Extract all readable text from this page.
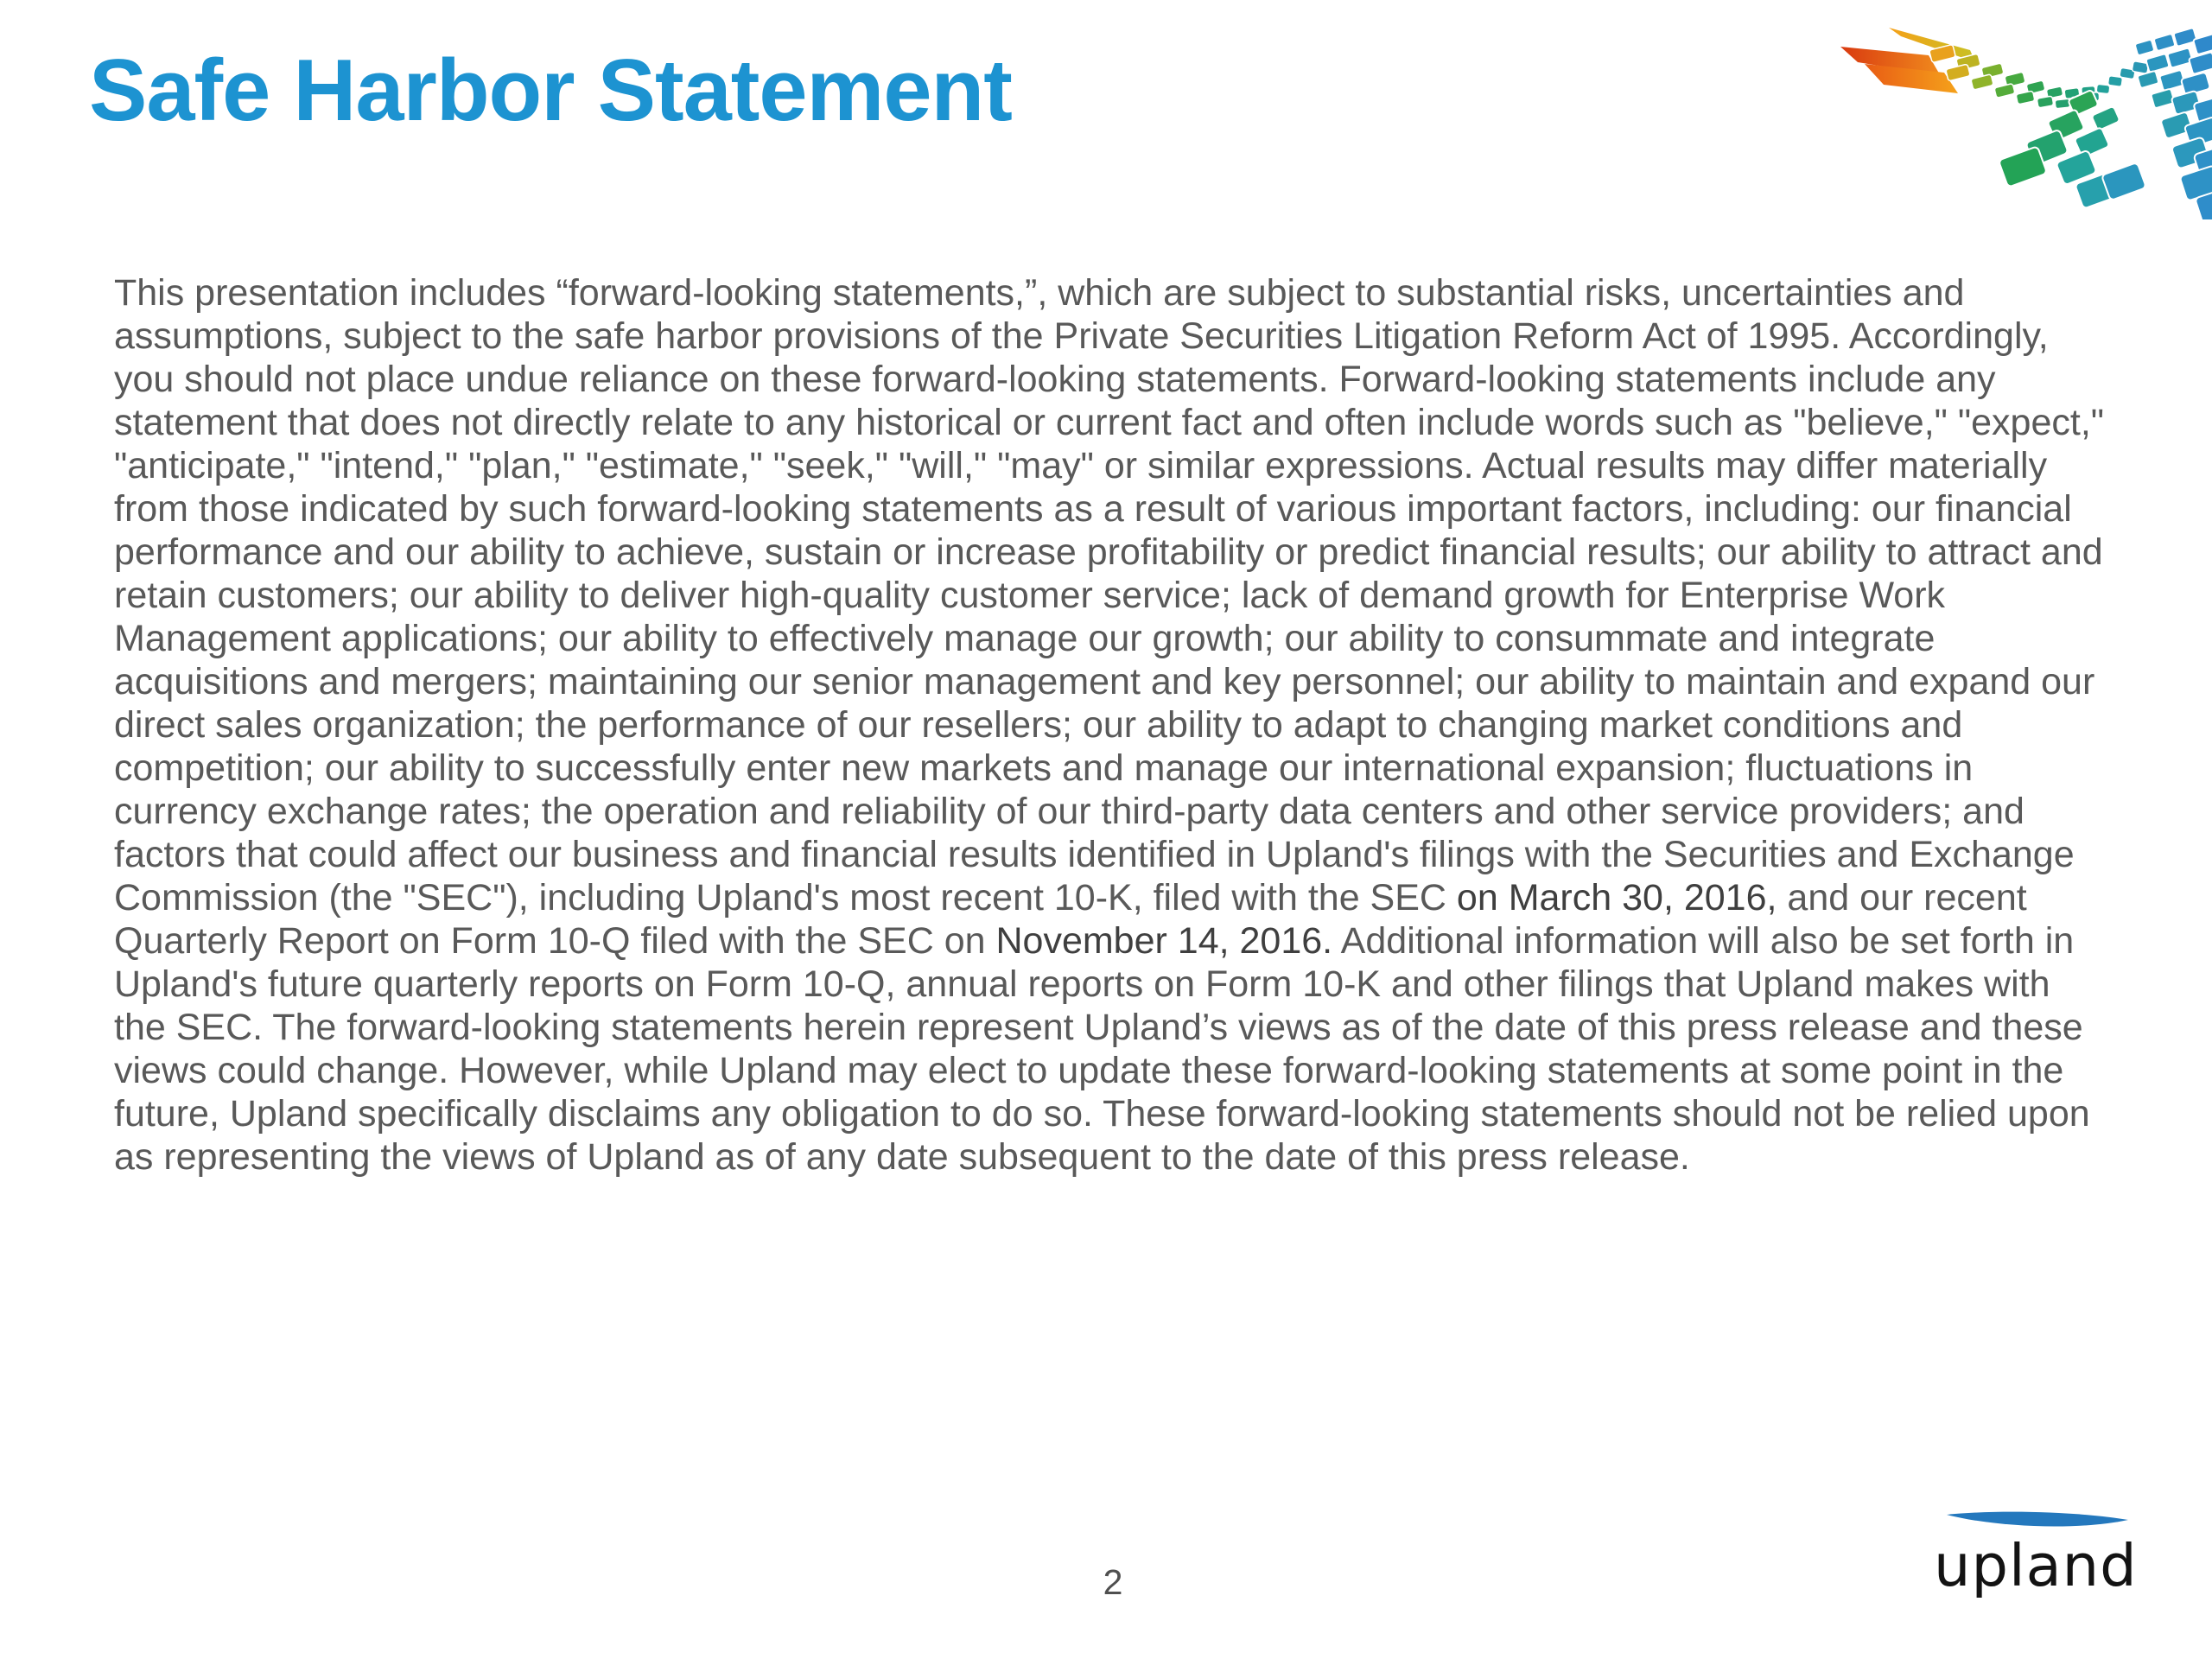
Safe Harbor Statement

This presentation includes “forward-looking statements,”, which are subject to substantial risks, uncertainties and assumptions, subject to the safe harbor provisions of the Private Securities Litigation Reform Act of 1995. Accordingly, you should not place undue reliance on these forward-looking statements. Forward-looking statements include any statement that does not directly relate to any historical or current fact and often include words such as "believe," "expect," "anticipate," "intend," "plan," "estimate," "seek," "will," "may" or similar expressions. Actual results may differ materially from those indicated by such forward-looking statements as a result of various important factors, including: our financial performance and our ability to achieve, sustain or increase profitability or predict financial results; our ability to attract and retain customers; our ability to deliver high-quality customer service; lack of demand growth for Enterprise Work Management applications; our ability to effectively manage our growth; our ability to consummate and integrate acquisitions and mergers; maintaining our senior management and key personnel; our ability to maintain and expand our direct sales organization; the performance of our resellers; our ability to adapt to changing market conditions and competition; our ability to successfully enter new markets and manage our international expansion; fluctuations in currency exchange rates; the operation and reliability of our third-party data centers and other service providers; and factors that could affect our business and financial results identified in Upland's filings with the Securities and Exchange Commission (the "SEC"), including Upland's most recent 10-K, filed with the SEC on March 30, 2016, and our recent Quarterly Report on Form 10-Q filed with the SEC on November 14, 2016. Additional information will also be set forth in Upland's future quarterly reports on Form 10-Q, annual reports on Form 10-K and other filings that Upland makes with the SEC. The forward-looking statements herein represent Upland’s views as of the date of this press release and these views could change. However, while Upland may elect to update these forward-looking statements at some point in the future, Upland specifically disclaims any obligation to do so. These forward-looking statements should not be relied upon as representing the views of Upland as of any date subsequent to the date of this press release.

2	upland
